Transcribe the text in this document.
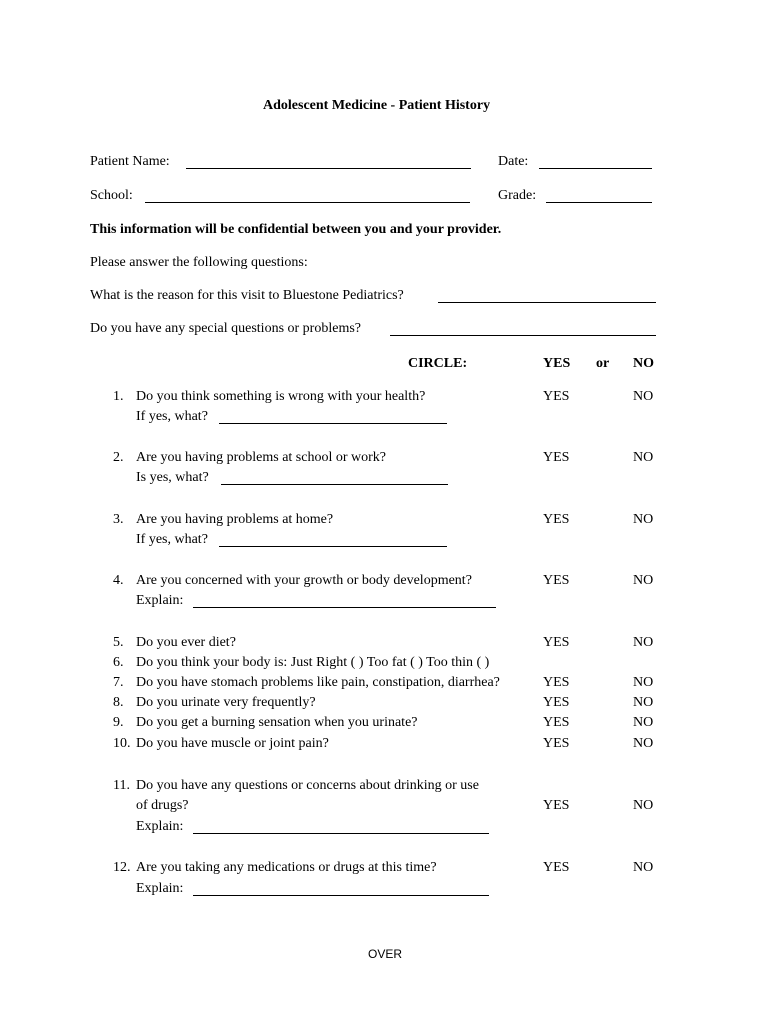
Adolescent Medicine - Patient History
Patient Name:	Date:
School:	Grade:
This information will be confidential between you and your provider.
Please answer the following questions:
What is the reason for this visit to Bluestone Pediatrics?
Do you have any special questions or problems?
CIRCLE:	YES or NO
1. Do you think something is wrong with your health?	YES	NO
If yes, what?
2. Are you having problems at school or work?	YES	NO
Is yes, what?
3. Are you having problems at home?	YES	NO
If yes, what?
4. Are you concerned with your growth or body development?	YES	NO
Explain:
5. Do you ever diet?	YES	NO
6. Do you think your body is: Just Right ( ) Too fat ( ) Too thin ( )
7. Do you have stomach problems like pain, constipation, diarrhea?	YES	NO
8. Do you urinate very frequently?	YES	NO
9. Do you get a burning sensation when you urinate?	YES	NO
10. Do you have muscle or joint pain?	YES	NO
11. Do you have any questions or concerns about drinking or use
of drugs?	YES	NO
Explain:
12. Are you taking any medications or drugs at this time?	YES	NO
Explain:
OVER
